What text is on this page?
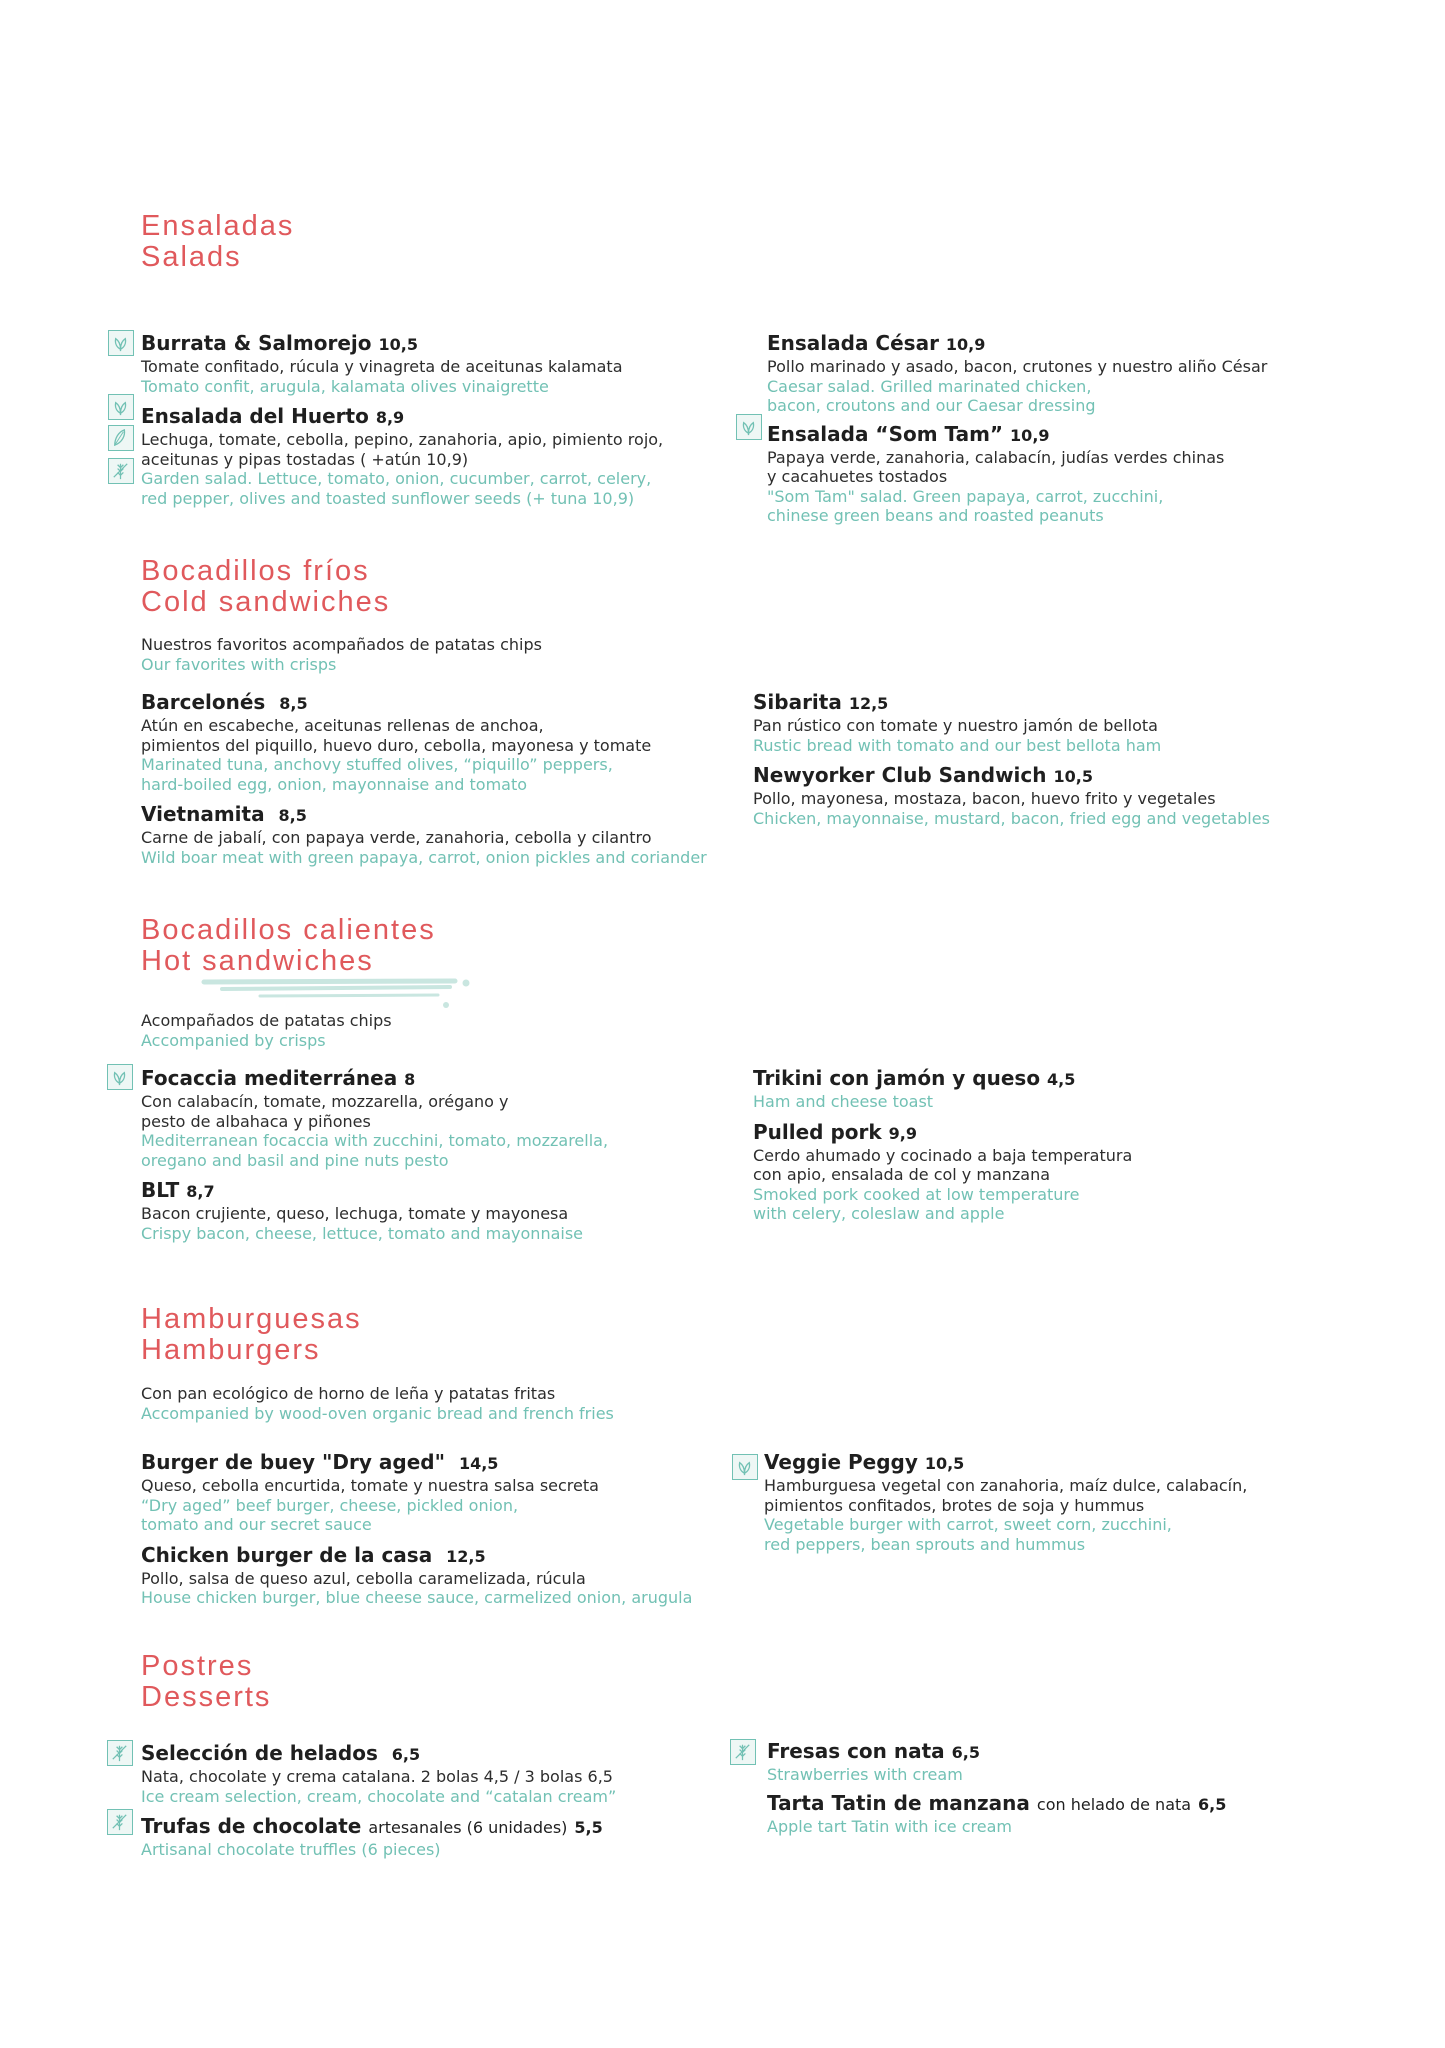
Ensaladas
Salads
Burrata & Salmorejo 10,5
Tomate confitado, rúcula y vinagreta de aceitunas kalamata
Tomato confit, arugula, kalamata olives vinaigrette
Ensalada del Huerto 8,9
Lechuga, tomate, cebolla, pepino, zanahoria, apio, pimiento rojo,
aceitunas y pipas tostadas ( +atún 10,9)
Garden salad. Lettuce, tomato, onion, cucumber, carrot, celery,
red pepper, olives and toasted sunflower seeds (+ tuna 10,9)
Ensalada César 10,9
Pollo marinado y asado, bacon, crutones y nuestro aliño César
Caesar salad. Grilled marinated chicken,
bacon, croutons and our Caesar dressing
Ensalada “Som Tam” 10,9
Papaya verde, zanahoria, calabacín, judías verdes chinas
y cacahuetes tostados
"Som Tam" salad. Green papaya, carrot, zucchini,
chinese green beans and roasted peanuts
Bocadillos fríos
Cold sandwiches
Nuestros favoritos acompañados de patatas chips
Our favorites with crisps
Barcelonés 8,5
Atún en escabeche, aceitunas rellenas de anchoa,
pimientos del piquillo, huevo duro, cebolla, mayonesa y tomate
Marinated tuna, anchovy stuffed olives, “piquillo” peppers,
hard-boiled egg, onion, mayonnaise and tomato
Vietnamita 8,5
Carne de jabalí, con papaya verde, zanahoria, cebolla y cilantro
Wild boar meat with green papaya, carrot, onion pickles and coriander
Sibarita 12,5
Pan rústico con tomate y nuestro jamón de bellota
Rustic bread with tomato and our best bellota ham
Newyorker Club Sandwich 10,5
Pollo, mayonesa, mostaza, bacon, huevo frito y vegetales
Chicken, mayonnaise, mustard, bacon, fried egg and vegetables
Bocadillos calientes
Hot sandwiches
Acompañados de patatas chips
Accompanied by crisps
Focaccia mediterránea 8
Con calabacín, tomate, mozzarella, orégano y
pesto de albahaca y piñones
Mediterranean focaccia with zucchini, tomato, mozzarella,
oregano and basil and pine nuts pesto
BLT 8,7
Bacon crujiente, queso, lechuga, tomate y mayonesa
Crispy bacon, cheese, lettuce, tomato and mayonnaise
Trikini con jamón y queso 4,5
Ham and cheese toast
Pulled pork 9,9
Cerdo ahumado y cocinado a baja temperatura
con apio, ensalada de col y manzana
Smoked pork cooked at low temperature
with celery, coleslaw and apple
Hamburguesas
Hamburgers
Con pan ecológico de horno de leña y patatas fritas
Accompanied by wood-oven organic bread and french fries
Burger de buey "Dry aged" 14,5
Queso, cebolla encurtida, tomate y nuestra salsa secreta
“Dry aged” beef burger, cheese, pickled onion,
tomato and our secret sauce
Chicken burger de la casa 12,5
Pollo, salsa de queso azul, cebolla caramelizada, rúcula
House chicken burger, blue cheese sauce, carmelized onion, arugula
Veggie Peggy 10,5
Hamburguesa vegetal con zanahoria, maíz dulce, calabacín,
pimientos confitados, brotes de soja y hummus
Vegetable burger with carrot, sweet corn, zucchini,
red peppers, bean sprouts and hummus
Postres
Desserts
Selección de helados 6,5
Nata, chocolate y crema catalana. 2 bolas 4,5 / 3 bolas 6,5
Ice cream selection, cream, chocolate and “catalan cream”
Trufas de chocolate artesanales (6 unidades) 5,5
Artisanal chocolate truffles (6 pieces)
Fresas con nata 6,5
Strawberries with cream
Tarta Tatin de manzana con helado de nata 6,5
Apple tart Tatin with ice cream
